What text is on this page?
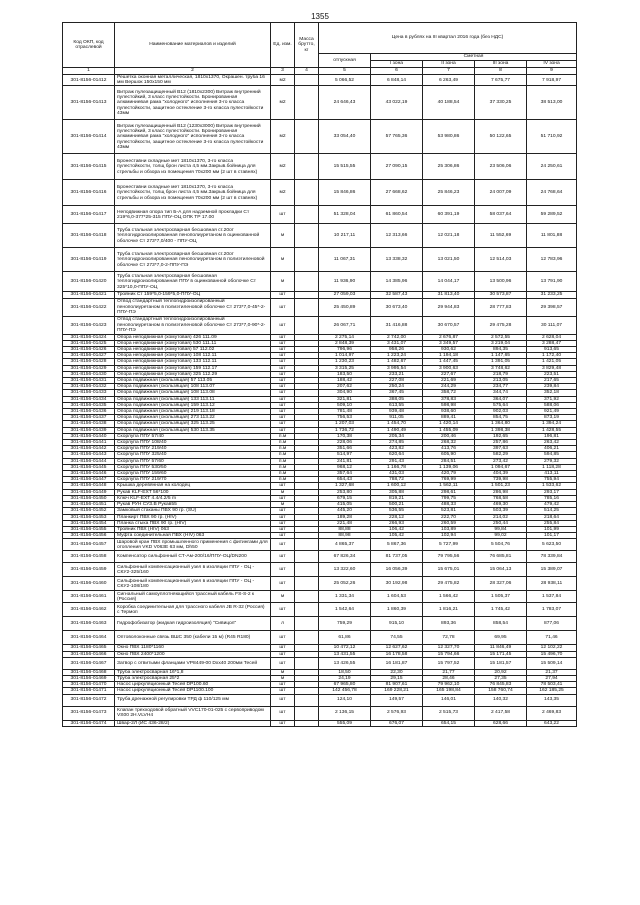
1355
Код ОКП, код отраслевой	Наименование материалов и изделий	Ед. изм.	Масса брутто, кг	Цена в рублях на III квартал 2016 года (без НДС)				
				отпускная	Сметная			
					I зона	II зона	III зона	IV зона
1	2	3	4	5	6	7	8	9
301-8156-01412	Решетка оконная металлическая, 1810х1370, Окрашен. труба 16 мм Вершок 150х150 мм	м2		5 066,52	6 848,14	6 263,49	7 675,77	7 918,97
301-8156-01413	Витраж пулезащищенный В12 (1810х2300) Витраж внутренний пулестойкий, 3 класс пулестойкости. Бронированная алюминиевая рама "холодного" исполнения 3-го класса пулестойкости, защитное остекление 3-го класса пулестойкости 43мм	м2		24 646,43	43 022,19	40 188,54	37 330,25	38 513,00
301-8156-01414	Витраж пулезащищенный В12 (1230х3000) Витраж внутренний пулестойкий, 3 класс пулестойкости. Бронированная алюминиевая рама "холодного" исполнения 3-го класса пулестойкости, защитное остекление 3-го класса пулестойкости 43мм	м2		33 054,40	57 765,36	53 980,86	50 122,65	51 710,92
301-8156-01415	Бронеставни складные мет 1810х1370, 3-го класса пулестойкости, толщ брон листа 4,5 мм.Закрыв.бойница для стрельбы и обзора из помещения 70х200 мм (2 шт в ставнях)	м2		15 515,55	27 090,15	25 306,86	23 506,06	24 250,61
301-8156-01416	Бронеставни складные мет 1810х1370, 3-го класса пулестойкости, толщ брон листа 4,5 мм.Закрыв.бойница для стрельбы и обзора из помещения 70х200 мм (2 шт в ставнях)	м2		15 846,86	27 668,62	25 846,23	24 007,09	24 768,64
301-8156-01417	Неподвижная опора тип Б-А для надземной прокладки Ст 219*6,0-377*25-315 ППУ-ОЦ ОПК ТР 17.00	шт		51 328,04	61 860,54	60 391,19	58 037,64	59 289,52
301-8156-01418	Труба стальная электросварная бесшовная ст.20от теплогидроизолированная пенополиуретаном в оцинкованной оболочке Ст 273*7,0/400 - ППУ-ОЦ	м		10 217,11	12 313,66	12 021,18	11 552,69	11 801,88
301-8156-01419	Труба стальная электросварная бесшовная ст.20от теплогидроизолированная пенополиуретаном в полиэтиленовой оболочке Ст 273*7,0-2-ППУ-ПЭ	м		11 067,31	13 338,32	13 021,50	12 514,03	12 783,96
301-8156-01420	Труба стальная электросварная бесшовная теплогидроизолированная ППУ в оцинкованной оболочке Ст 325*10,0-ППУ-ОЦ	м		11 936,90	14 385,96	14 044,17	13 500,96	13 791,90
301-8156-01421	Тройник Ст 159*5,0-159*5,0-ППУ-ОЦ	шт		27 059,03	32 587,43	31 813,40	30 573,87	31 233,25
301-8156-01422	Отвод стандартный теплогидроизолированный пенополиуретаном в полиэтиленовой оболочке Ст 273*7,0-45*-2-ППУ-ПЭ	шт		25 450,89	30 673,40	29 944,83	28 777,83	29 398,57
301-8156-01423	Отвод стандартный теплогидроизолированный пенополиуретаном в полиэтиленовой оболочке Ст 273*7,0-90*-2-ППУ-ПЭ	шт		26 067,71	31 416,88	30 670,57	29 475,28	30 111,07
301-8156-01424	Опора неподвижная (хомутовая) 426 111.09	шт		2 275,14	2 742,00	2 676,87	2 572,55	2 628,04
301-8156-01425	Опора неподвижная (хомутовая) 530 111.11	шт		2 848,39	3 431,07	3 349,57	3 219,04	3 288,47
301-8156-01426	Опора неподвижная (хомутовая) 57 112.02	шт		796,96	958,26	930,62	894,35	913,65
301-8156-01427	Опора неподвижная (хомутовая) 108 112.11	шт		1 014,97	1 223,24	1 194,18	1 147,65	1 172,40
301-8156-01428	Опора неподвижная (хомутовая) 133 112.11	шт		1 230,23	1 482,67	1 447,45	1 391,05	1 421,05
301-8156-01429	Опора неподвижная (хомутовая) 159 112.17	шт		3 315,25	3 995,54	3 900,63	3 748,62	3 829,48
301-8156-01430	Опора неподвижная (хомутовая) 325 112.29	шт		183,50	233,21	227,67	218,79	223,51
301-8156-01431	Опора подвижная (скользящая) 57 113.05	шт		188,42	227,08	221,69	213,05	217,65
301-8156-01432	Опора подвижная (скользящая) 108 113.07	шт		207,62	250,24	244,29	234,77	239,84
301-8156-01433	Опора подвижная (скользящая) 108 113.08	шт		304,90	367,45	358,72	344,74	352,18
301-8156-01434	Опора подвижная (скользящая) 133 113.11	шт		321,81	388,05	378,83	364,07	371,92
301-8156-01435	Опора подвижная (скользящая) 159 113.12	шт		509,10	613,55	598,98	575,64	588,06
301-8156-01436	Опора подвижная (скользящая) 219 113.18	шт		781,48	939,48	938,60	902,03	921,49
301-8156-01437	Опора подвижная (скользящая) 273 113.22	шт		756,53	911,05	889,41	854,75	873,19
301-8156-01438	Опора подвижная (скользящая) 325 113.25	шт		1 207,03	1 454,70	1 420,14	1 364,80	1 394,24
301-8156-01439	Опора подвижная (скользящая) 530 113.35	шт		1 736,72	1 490,49	1 455,09	1 398,38	1 428,55
301-8156-01440	Скорлупа ППУ 57/40	п.м		170,38	205,34	200,46	192,65	196,81
301-8156-01441	Скорлупа ППУ 108/40	п.м		228,06	274,85	268,32	257,86	263,42
301-8156-01442	Скорлупа ППУ 219/40	п.м		351,66	423,82	413,76	397,63	406,21
301-8156-01443	Скорлупа ППУ 325/40	п.м		514,97	620,64	605,90	582,29	594,85
301-8156-01444	Скорлупа ППУ 57/60	п.м		241,81	291,43	284,51	273,42	279,32
301-8156-01445	Скорлупа ППУ 530/50	п.м		968,12	1 166,78	1 139,06	1 094,67	1 118,28
301-8156-01446	Скорлупа ППУ 159/60	п.м		357,64	431,03	420,79	404,39	413,11
301-8156-01447	Скорлупа ППУ 219/70	п.м		654,43	788,72	769,99	739,98	755,94
301-8156-01448	Крышка деревянная на колодец	шт		1 327,68	1 600,12	1 562,11	1 501,23	1 533,62
301-8156-01449	Рукав KLF-EXT 56*100	м		253,80	305,88	298,61	286,98	293,17
301-8156-01450	Ключ KLF-EXT 4.4/4.2/5 m	шт		679,15	819,21	799,75	768,58	785,16
301-8156-01451	Рукав РУН СУЗ.В Рукав55	м		415,05	500,21	488,33	469,30	479,42
301-8156-01452	Замковый стаканы ПВХ 90 гр. (SU)	шт		445,20	536,55	523,81	503,39	514,25
301-8156-01453	Планкирт ПВХ 90 гр. (HIV)	шт		189,28	228,12	222,70	214,02	218,64
301-8156-01454	Планка стыка ПВХ 90 гр. (HIV)	шт		221,48	266,93	260,59	250,44	255,84
301-8156-01455	Тройник ПВХ (HIV) 063	шт		88,88	106,42	103,89	99,84	101,99
301-8156-01456	Муфта соединительная ПВХ (HIV) 063	шт		88,98	105,42	102,94	99,02	101,17
301-8156-01457	Шаровой кран ПВХ промышленного применения с фитингами для отопления VKD V063E 63 мм, Dh50	шт		4 865,37	5 867,36	5 727,99	5 504,76	5 623,50
301-8156-01458	Компенсатор сильфонный СТ-Ам-200/16/ППУ-ОЦ/DN200	шт		67 826,34	81 737,05	79 795,56	76 685,81	78 339,84
301-8156-01459	Сильфонный компенсационный узел в изоляции ППУ - ОЦ - СКУ2-325/160	шт		13 322,60	16 056,39	15 675,01	15 064,13	15 389,07
301-8156-01460	Сильфонный компенсационный узел в изоляции ППУ - ОЦ - СКУ2-108/180	шт		25 052,26	30 192,98	29 475,82	28 327,06	28 938,11
301-8156-01461	Сигнальный самоуплотняющийся трассный кабель FS-S-2 к (Россия)	м		1 331,34	1 604,53	1 566,42	1 505,37	1 537,84
301-8156-01462	Коробка соединительная для трассного кабеля JB R-32 (Россия) с Термоп	шт		1 542,64	1 860,39	1 816,21	1 745,42	1 783,07
301-8156-01463	Гидрофобизатор (жидкая гидроизоляция) "Сивицол"	л		759,29	915,10	893,36	858,54	877,06
301-8156-01464	Оптоволоконные связь ВШС 350 (кабели 15 м) (R45 R180)	шт		61,86	74,55	72,78	69,95	71,46
301-8156-01465	Окно ПВХ 1180*1160	шт		10 472,12	12 627,62	12 327,70	11 846,49	12 102,22
301-8156-01466	Окно ПВХ 2400*1200	шт		13 431,55	16 178,58	15 794,66	15 171,45	15 496,70
301-8156-01467	Затвор с отвитыми фланцами VP8449-00 Dxх40 200мм Тесей	шт		13 426,55	16 181,87	15 797,52	15 181,57	15 509,14
301-8156-01468	Труба электросварная 16*1,8	м		18,50	22,30	21,77	20,92	21,37
301-8156-01469	Труба электросварная 25*2	м		24,19	29,15	28,46	27,35	27,94
301-8156-01470	Насос циркуляционный Тесей DP100.60	шт		67 965,80	81 907,61	79 962,10	76 845,83	78 503,41
301-8156-01471	Насос циркуляционный Тесей DP1100.100	шт		142 456,78	169 228,21	165 198,84	158 760,74	162 185,25
301-8156-01472	Труба дренажной регулировки ТРД ф 110/125 мм	шт		124,10	149,57	146,01	140,32	143,35
301-8156-01473	Клапан трехходовой обратный VVC170-01-025 с сервоприводом VS00 2Н.VLVН4	шт		2 136,15	2 576,93	2 515,73	2 417,58	2 469,83
301-8156-01474	Швар-2Л (ИС 436-28/2)	шт		555,09	676,07	654,15	628,66	643,22
